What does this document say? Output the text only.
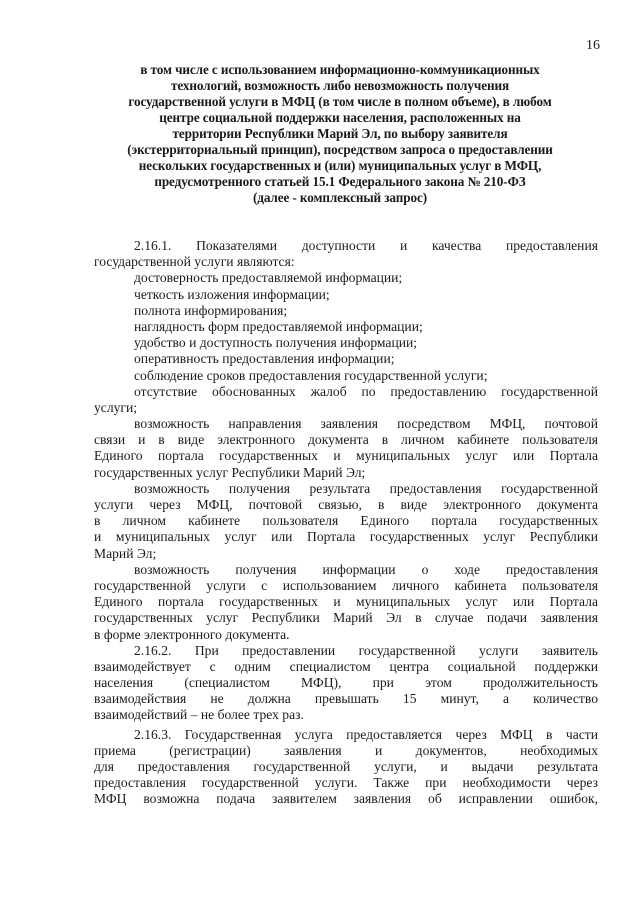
16
в том числе с использованием информационно-коммуникационных
технологий, возможность либо невозможность получения
государственной услуги в МФЦ (в том числе в полном объеме), в любом
центре социальной поддержки населения, расположенных на
территории Республики Марий Эл, по выбору заявителя
(экстерриториальный принцип), посредством запроса о предоставлении
нескольких государственных и (или) муниципальных услуг в МФЦ,
предусмотренного статьей 15.1 Федерального закона № 210-ФЗ
(далее - комплексный запрос)
2.16.1. Показателями доступности и качества предоставления
государственной услуги являются:
достоверность предоставляемой информации;
четкость изложения информации;
полнота информирования;
наглядность форм предоставляемой информации;
удобство и доступность получения информации;
оперативность предоставления информации;
соблюдение сроков предоставления государственной услуги;
отсутствие обоснованных жалоб по предоставлению государственной
услуги;
возможность направления заявления посредством МФЦ, почтовой
связи и в виде электронного документа в личном кабинете пользователя
Единого портала государственных и муниципальных услуг или Портала
государственных услуг Республики Марий Эл;
возможность получения результата предоставления государственной
услуги через МФЦ, почтовой связью, в виде электронного документа
в личном кабинете пользователя Единого портала государственных
и муниципальных услуг или Портала государственных услуг Республики
Марий Эл;
возможность получения информации о ходе предоставления
государственной услуги с использованием личного кабинета пользователя
Единого портала государственных и муниципальных услуг или Портала
государственных услуг Республики Марий Эл в случае подачи заявления
в форме электронного документа.
2.16.2. При предоставлении государственной услуги заявитель
взаимодействует с одним специалистом центра социальной поддержки
населения (специалистом МФЦ), при этом продолжительность
взаимодействия не должна превышать 15 минут, а количество
взаимодействий – не более трех раз.
2.16.3. Государственная услуга предоставляется через МФЦ в части
приема (регистрации) заявления и документов, необходимых
для предоставления государственной услуги, и выдачи результата
предоставления государственной услуги. Также при необходимости через
МФЦ возможна подача заявителем заявления об исправлении ошибок,
